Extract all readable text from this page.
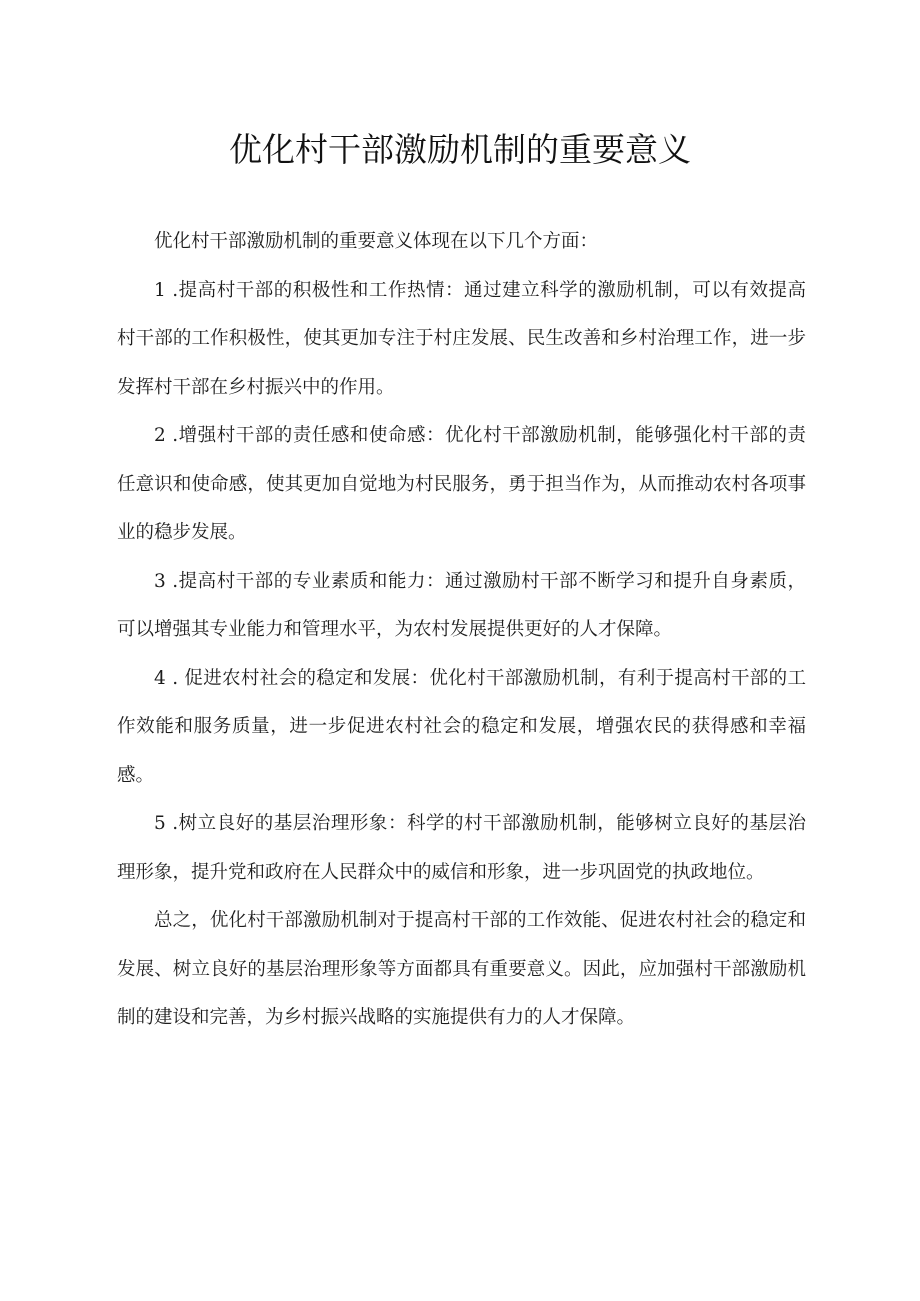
优化村干部激励机制的重要意义

优化村干部激励机制的重要意义体现在以下几个方面：

1 .提高村干部的积极性和工作热情：通过建立科学的激励机制，可以有效提高村干部的工作积极性，使其更加专注于村庄发展、民生改善和乡村治理工作，进一步发挥村干部在乡村振兴中的作用。

2 .增强村干部的责任感和使命感：优化村干部激励机制，能够强化村干部的责任意识和使命感，使其更加自觉地为村民服务，勇于担当作为，从而推动农村各项事业的稳步发展。

3 .提高村干部的专业素质和能力：通过激励村干部不断学习和提升自身素质，可以增强其专业能力和管理水平，为农村发展提供更好的人才保障。

4 . 促进农村社会的稳定和发展：优化村干部激励机制，有利于提高村干部的工作效能和服务质量，进一步促进农村社会的稳定和发展，增强农民的获得感和幸福感。

5 .树立良好的基层治理形象：科学的村干部激励机制，能够树立良好的基层治理形象，提升党和政府在人民群众中的威信和形象，进一步巩固党的执政地位。

总之，优化村干部激励机制对于提高村干部的工作效能、促进农村社会的稳定和发展、树立良好的基层治理形象等方面都具有重要意义。因此，应加强村干部激励机制的建设和完善，为乡村振兴战略的实施提供有力的人才保障。
